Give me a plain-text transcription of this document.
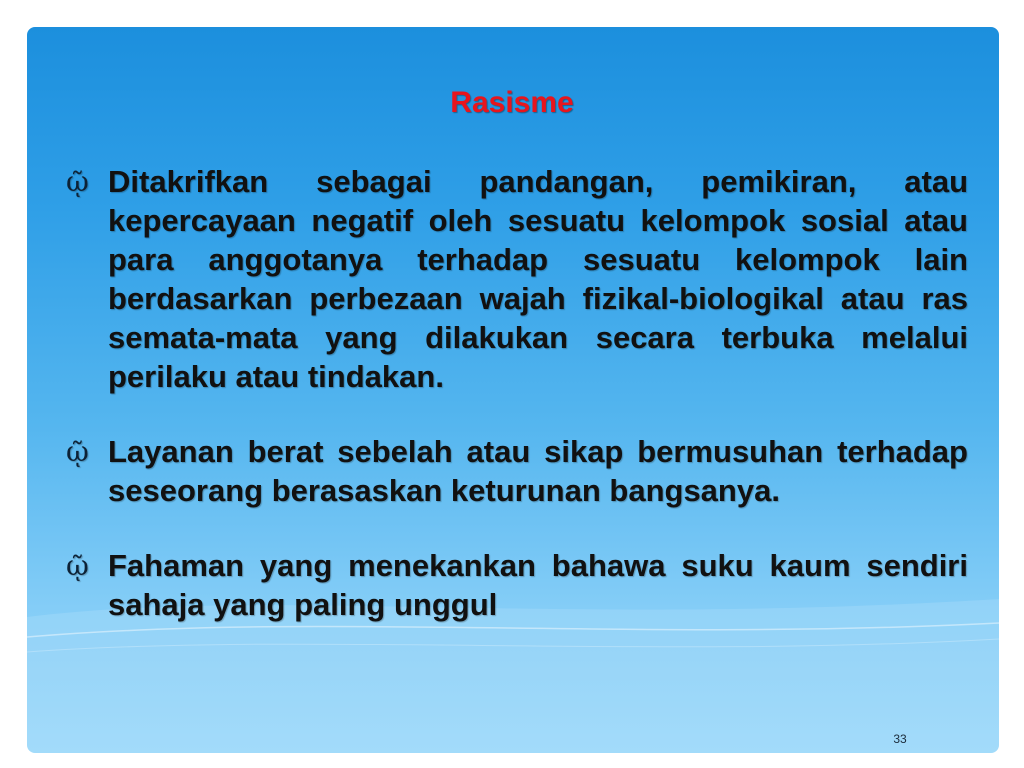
Rasisme
ῷ Ditakrifkan sebagai pandangan, pemikiran, atau kepercayaan negatif oleh sesuatu kelompok sosial atau para anggotanya terhadap sesuatu kelompok lain berdasarkan perbezaan wajah fizikal-biologikal atau ras semata-mata yang dilakukan secara terbuka melalui perilaku atau tindakan.
ῷ Layanan berat sebelah atau sikap bermusuhan terhadap seseorang berasaskan keturunan bangsanya.
ῷ Fahaman yang menekankan bahawa suku kaum sendiri sahaja yang paling unggul
33
